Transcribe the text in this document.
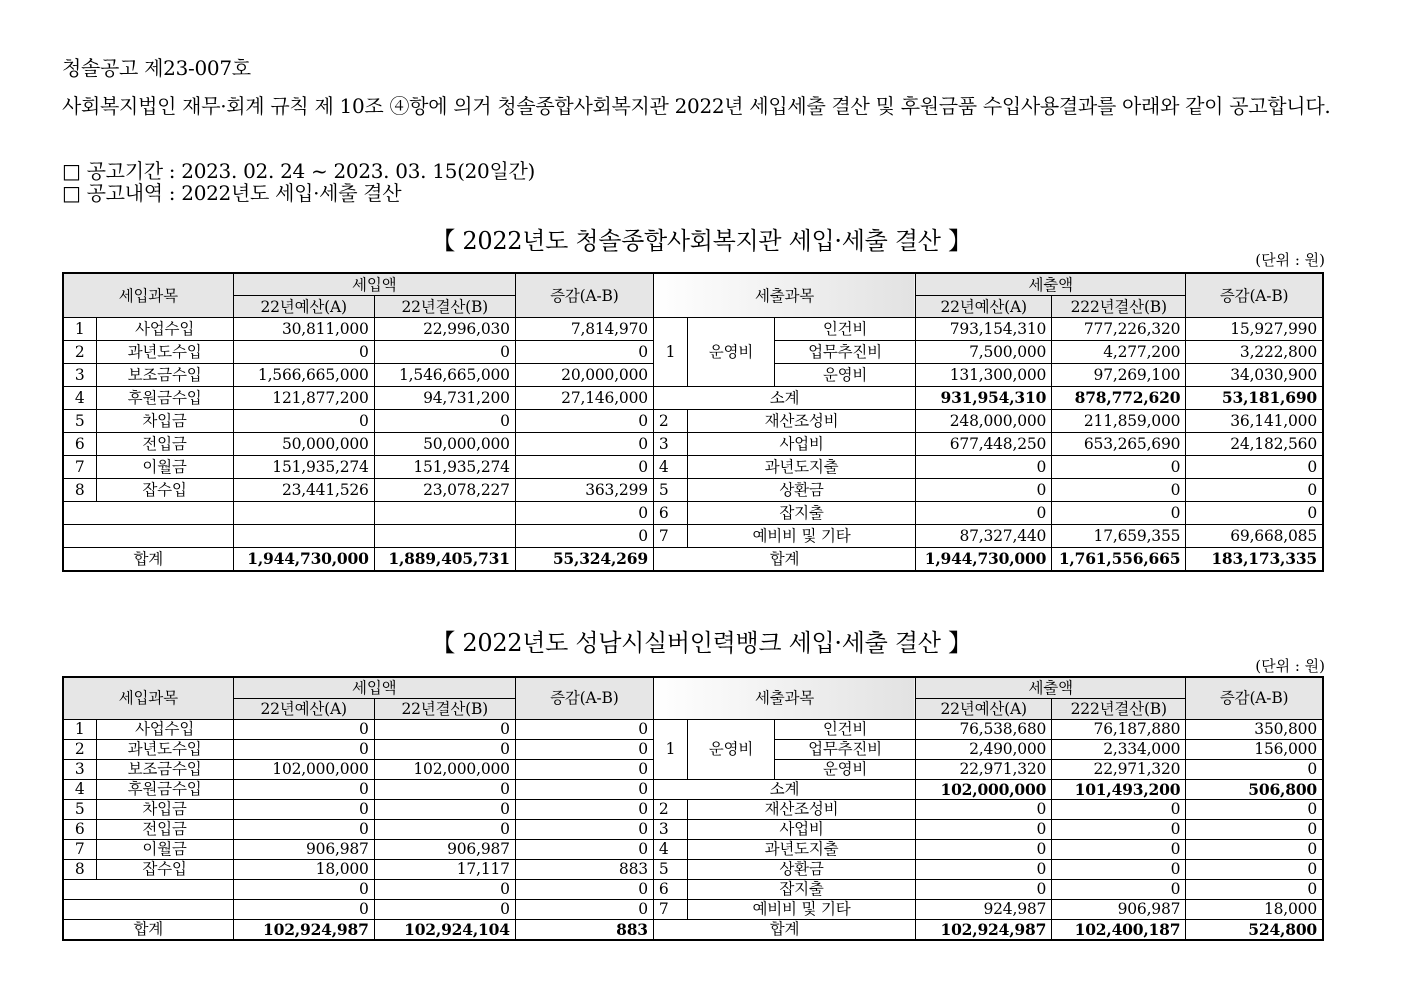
청솔공고 제23-007호

사회복지법인 재무·회계 규칙 제 10조 ④항에 의거 청솔종합사회복지관 2022년 세입세출 결산 및 후원금품 수입사용결과를 아래와 같이 공고합니다.

□ 공고기간 : 2023. 02. 24 ~ 2023. 03. 15(20일간)

□ 공고내역 : 2022년도 세입·세출 결산

【 2022년도 청솔종합사회복지관 세입·세출 결산 】
(단위 : 원)
세입과목		세입액		증감(A-B)	세출과목			세출액		증감(A-B)
		22년예산(A)	22년결산(B)					22년예산(A)	222년결산(B)	
1	사업수입	30,811,000	22,996,030	7,814,970	1	운영비	인건비	793,154,310	777,226,320	15,927,990
2	과년도수입	0	0	0			업무추진비	7,500,000	4,277,200	3,222,800
3	보조금수입	1,566,665,000	1,546,665,000	20,000,000			운영비	131,300,000	97,269,100	34,030,900
4	후원금수입	121,877,200	94,731,200	27,146,000	소계			931,954,310	878,772,620	53,181,690
5	차입금	0	0	0	2	재산조성비		248,000,000	211,859,000	36,141,000
6	전입금	50,000,000	50,000,000	0	3	사업비		677,448,250	653,265,690	24,182,560
7	이월금	151,935,274	151,935,274	0	4	과년도지출		0	0	0
8	잡수입	23,441,526	23,078,227	363,299	5	상환금		0	0	0
				0	6	잡지출		0	0	0
				0	7	예비비 및 기타		87,327,440	17,659,355	69,668,085
합계		1,944,730,000	1,889,405,731	55,324,269	합계			1,944,730,000	1,761,556,665	183,173,335
【 2022년도 성남시실버인력뱅크 세입·세출 결산 】
(단위 : 원)
세입과목		세입액		증감(A-B)	세출과목			세출액		증감(A-B)
		22년예산(A)	22년결산(B)					22년예산(A)	222년결산(B)	
1	사업수입	0	0	0	1	운영비	인건비	76,538,680	76,187,880	350,800
2	과년도수입	0	0	0			업무추진비	2,490,000	2,334,000	156,000
3	보조금수입	102,000,000	102,000,000	0			운영비	22,971,320	22,971,320	0
4	후원금수입	0	0	0	소계			102,000,000	101,493,200	506,800
5	차입금	0	0	0	2	재산조성비		0	0	0
6	전입금	0	0	0	3	사업비		0	0	0
7	이월금	906,987	906,987	0	4	과년도지출		0	0	0
8	잡수입	18,000	17,117	883	5	상환금		0	0	0
		0	0	0	6	잡지출		0	0	0
		0	0	0	7	예비비 및 기타		924,987	906,987	18,000
합계		102,924,987	102,924,104	883	합계			102,924,987	102,400,187	524,800
